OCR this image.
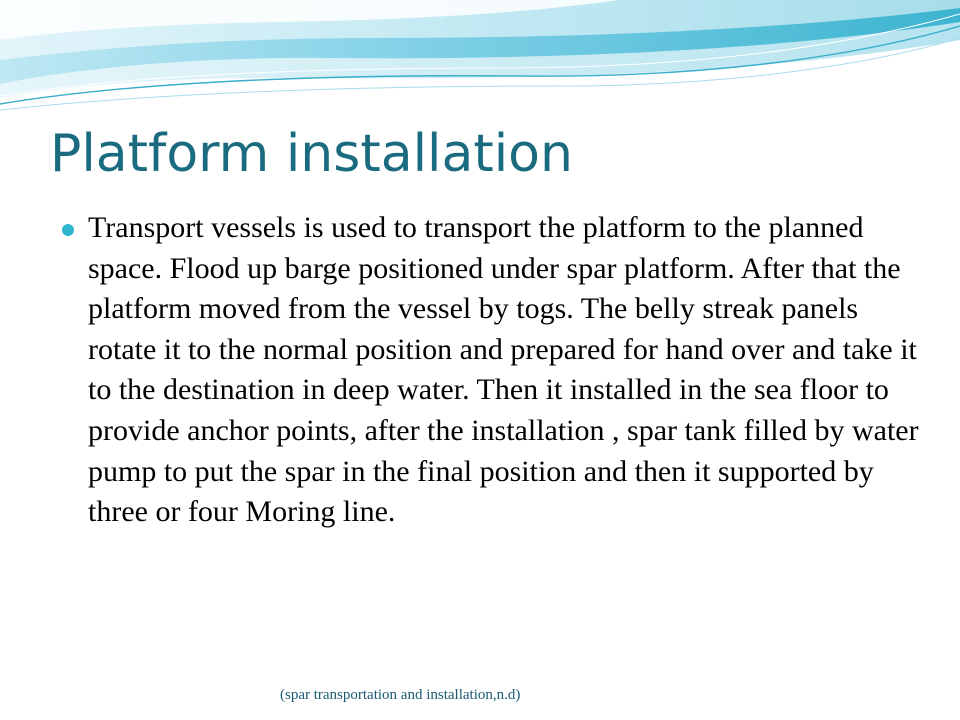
Platform installation
Transport vessels is used to transport the platform to the planned space. Flood up barge positioned under spar platform. After that the platform moved from the vessel by togs. The belly streak panels rotate it to the normal position and prepared for hand over and take it to the destination in deep water. Then it installed in the sea floor to provide anchor points, after the installation , spar tank filled by water pump to put the spar in the final position and then it supported by three or four Moring line.

(spar transportation and installation,n.d)
